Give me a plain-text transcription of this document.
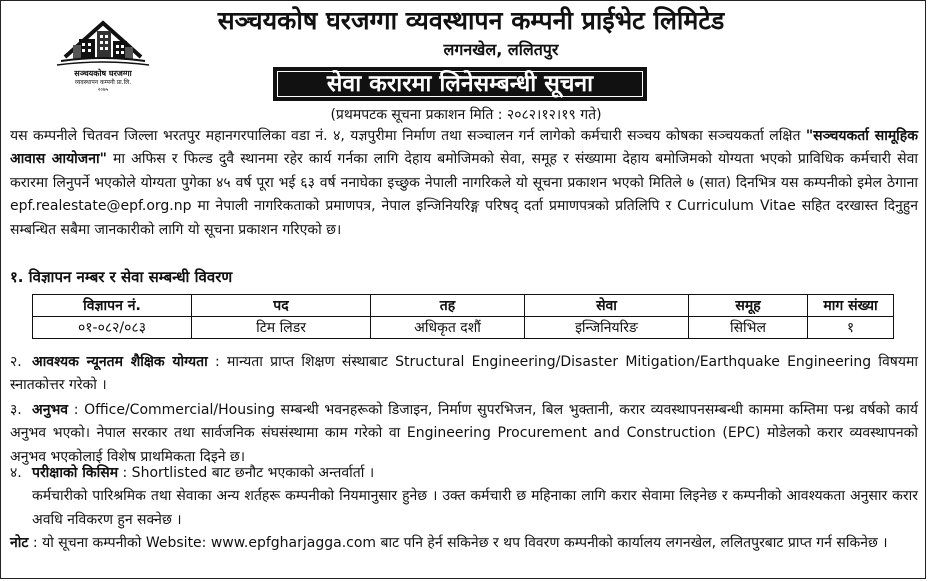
सञ्चयकोष घरजग्गा
व्यवस्थापन कम्पनी प्रा.लि.
२०७५
सञ्चयकोष घरजग्गा व्यवस्थापन कम्पनी प्राईभेट लिमिटेड
लगनखेल, ललितपुर
सेवा करारमा लिनेसम्बन्धी सूचना
(प्रथमपटक सूचना प्रकाशन मिति : २०८२।१२।१९ गते)
यस कम्पनीले चितवन जिल्ला भरतपुर महानगरपालिका वडा नं. ४, यज्ञपुरीमा निर्माण तथा सञ्चालन गर्न लागेको कर्मचारी सञ्चय कोषका सञ्चयकर्ता लक्षित "सञ्चयकर्ता सामूहिक आवास आयोजना" मा अफिस र फिल्ड दुवै स्थानमा रहेर कार्य गर्नका लागि देहाय बमोजिमको सेवा, समूह र संख्यामा देहाय बमोजिमको योग्यता भएको प्राविधिक कर्मचारी सेवा करारमा लिनुपर्ने भएकोले योग्यता पुगेका ४५ वर्ष पूरा भई ६३ वर्ष ननाघेका इच्छुक नेपाली नागरिकले यो सूचना प्रकाशन भएको मितिले ७ (सात) दिनभित्र यस कम्पनीको इमेल ठेगाना epf.realestate@epf.org.np मा नेपाली नागरिकताको प्रमाणपत्र, नेपाल इन्जिनियरिङ्ग परिषद् दर्ता प्रमाणपत्रको प्रतिलिपि र Curriculum Vitae सहित दरखास्त दिनुहुन सम्बन्धित सबैमा जानकारीको लागि यो सूचना प्रकाशन गरिएको छ।
१. विज्ञापन नम्बर र सेवा सम्बन्धी विवरण
विज्ञापन नं.	पद	तह	सेवा	समूह	माग संख्या
०१-०८२/०८३	टिम लिडर	अधिकृत दशौं	इन्जिनियरिङ	सिभिल	१
२. आवश्यक न्यूनतम शैक्षिक योग्यता : मान्यता प्राप्त शिक्षण संस्थाबाट Structural Engineering/Disaster Mitigation/Earthquake Engineering विषयमा स्नातकोत्तर गरेको ।
३. अनुभव : Office/Commercial/Housing सम्बन्धी भवनहरूको डिजाइन, निर्माण सुपरभिजन, बिल भुक्तानी, करार व्यवस्थापनसम्बन्धी काममा कम्तिमा पन्ध्र वर्षको कार्य अनुभव भएको। नेपाल सरकार तथा सार्वजनिक संघसंस्थामा काम गरेको वा Engineering Procurement and Construction (EPC) मोडेलको करार व्यवस्थापनको अनुभव भएकोलाई विशेष प्राथमिकता दिइने छ।
४. परीक्षाको किसिम : Shortlisted बाट छनौट भएकाको अन्तर्वार्ता ।
कर्मचारीको पारिश्रमिक तथा सेवाका अन्य शर्तहरू कम्पनीको नियमानुसार हुनेछ । उक्त कर्मचारी छ महिनाका लागि करार सेवामा लिइनेछ र कम्पनीको आवश्यकता अनुसार करार अवधि नविकरण हुन सक्नेछ ।
नोट : यो सूचना कम्पनीको Website: www.epfgharjagga.com बाट पनि हेर्न सकिनेछ र थप विवरण कम्पनीको कार्यालय लगनखेल, ललितपुरबाट प्राप्त गर्न सकिनेछ ।
